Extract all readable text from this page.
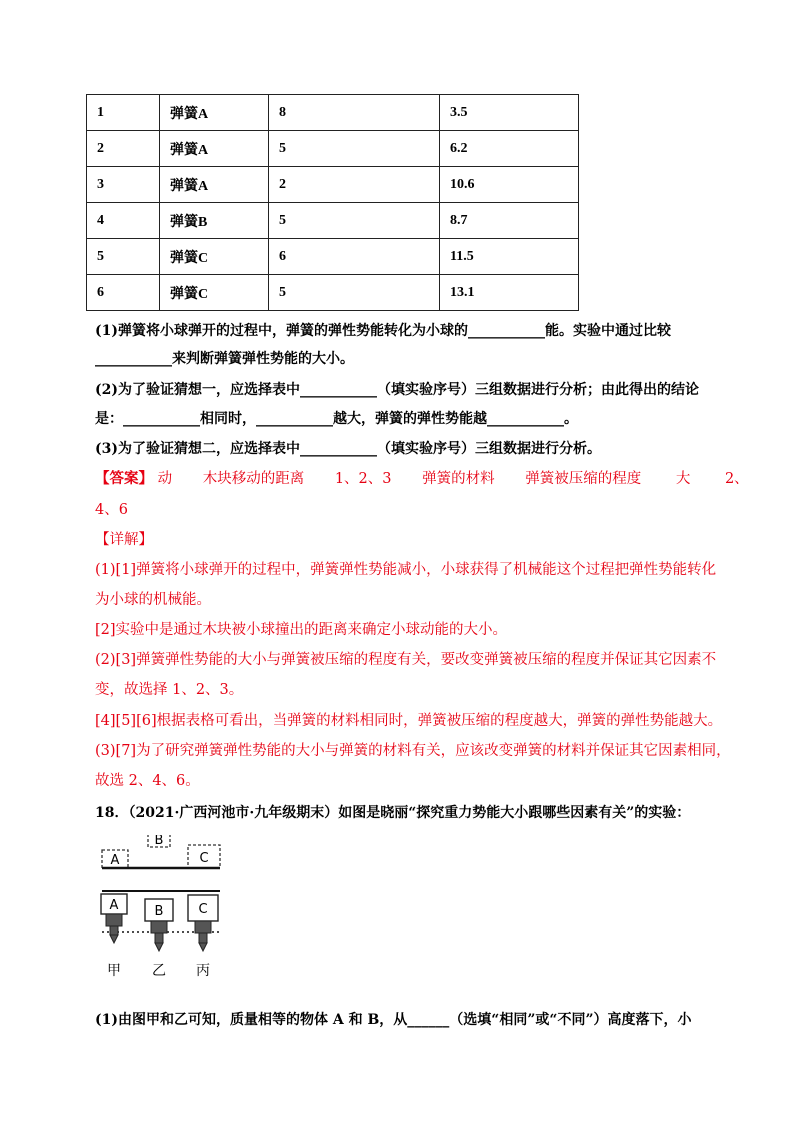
1	弹簧A	8	3.5
2	弹簧A	5	6.2
3	弹簧A	2	10.6
4	弹簧B	5	8.7
5	弹簧C	6	11.5
6	弹簧C	5	13.1
(1)弹簧将小球弹开的过程中，弹簧的弹性势能转化为小球的___________能。实验中通过比较
___________来判断弹簧弹性势能的大小。
(2)为了验证猜想一，应选择表中___________（填实验序号）三组数据进行分析；由此得出的结论
是：___________相同时，___________越大，弹簧的弹性势能越___________。
(3)为了验证猜想二，应选择表中___________（填实验序号）三组数据进行分析。
【答案】 动 木块移动的距离 1、2、3 弹簧的材料 弹簧被压缩的程度 大 2、
4、6
【详解】
(1)[1]弹簧将小球弹开的过程中，弹簧弹性势能减小，小球获得了机械能这个过程把弹性势能转化
为小球的机械能。
[2]实验中是通过木块被小球撞出的距离来确定小球动能的大小。
(2)[3]弹簧弹性势能的大小与弹簧被压缩的程度有关，要改变弹簧被压缩的程度并保证其它因素不
变，故选择 1、2、3。
[4][5][6]根据表格可看出，当弹簧的材料相同时，弹簧被压缩的程度越大，弹簧的弹性势能越大。
(3)[7]为了研究弹簧弹性势能的大小与弹簧的材料有关，应该改变弹簧的材料并保证其它因素相同，
故选 2、4、6。
18．（2021·广西河池市·九年级期末）如图是晓丽“探究重力势能大小跟哪些因素有关”的实验：
A
B
C
A	B	C
甲 乙 丙
(1)由图甲和乙可知，质量相等的物体 A 和 B，从______（选填“相同”或“不同”）高度落下，小
